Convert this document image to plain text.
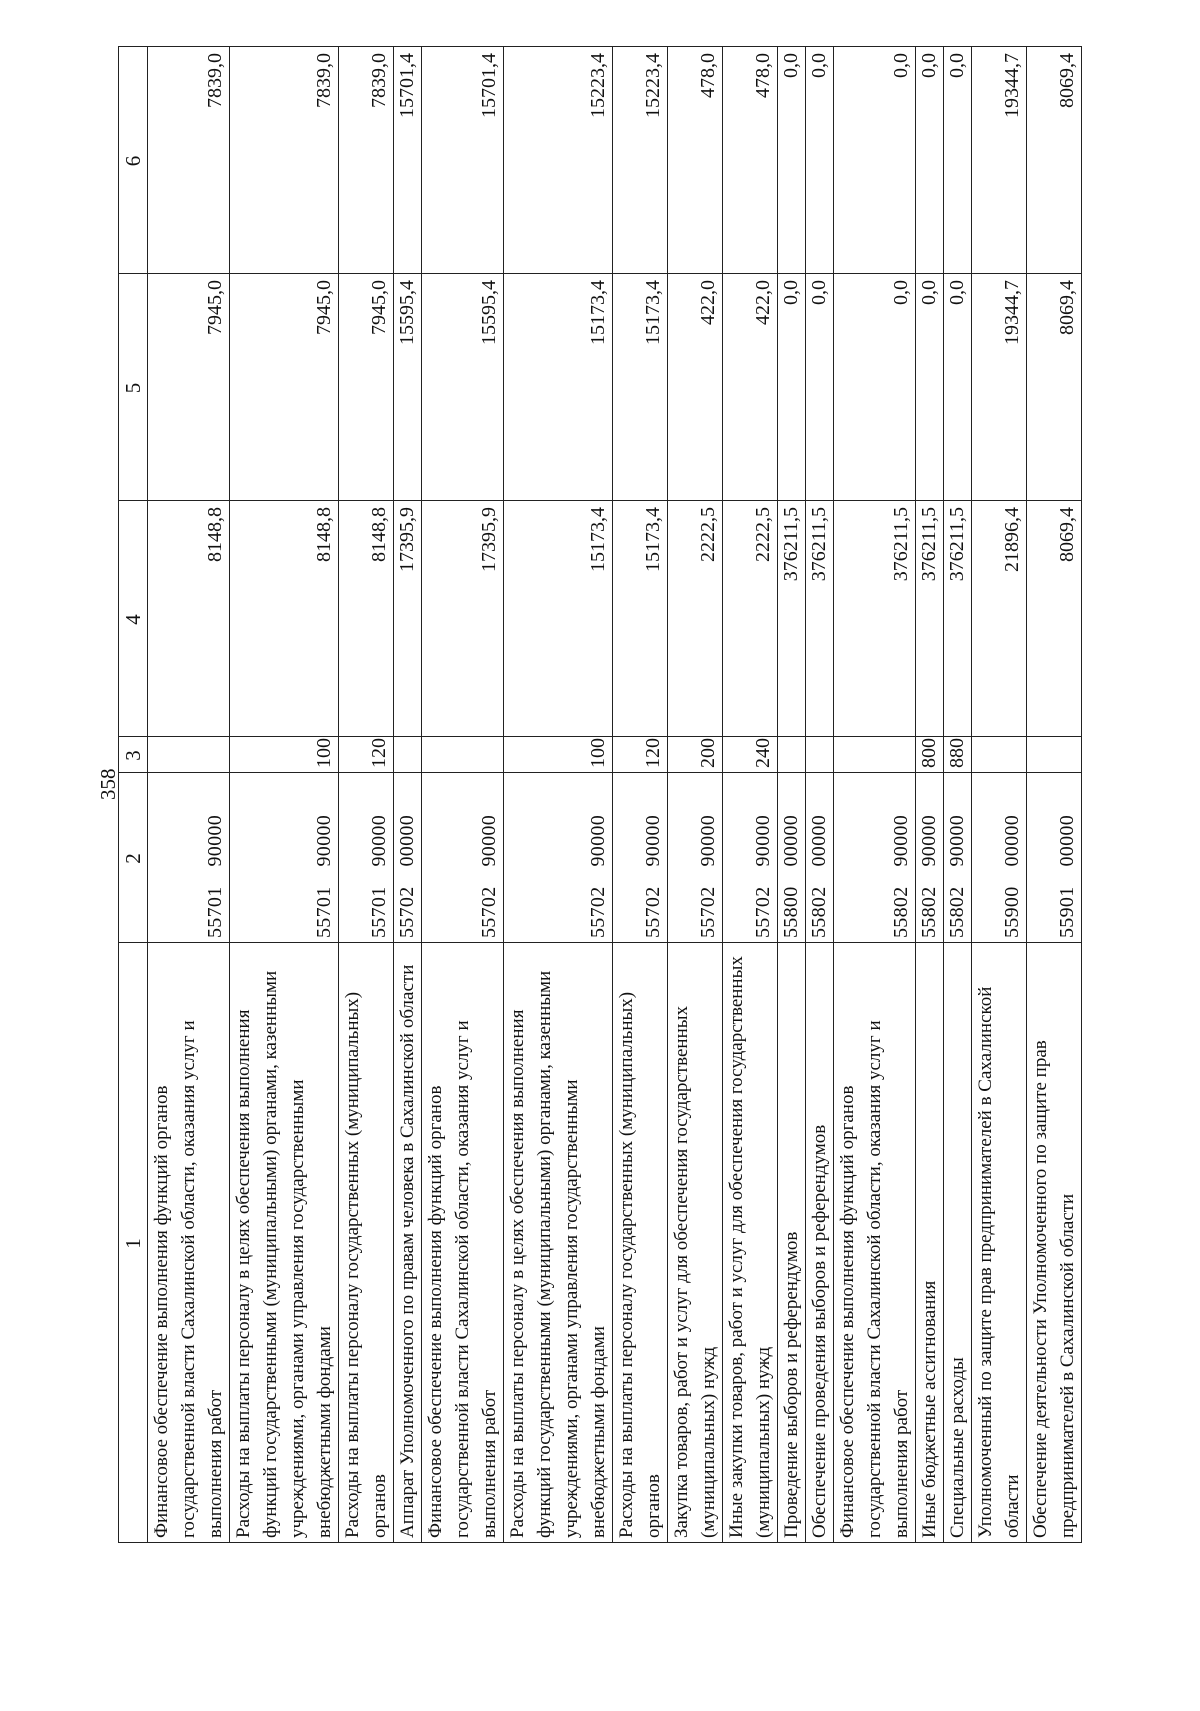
358
1	2	3	4	5	6
Финансовое обеспечение выполнения функций органов государственной власти Сахалинской области, оказания услуг и выполнения работ	5570190000		8148,8	7945,0	7839,0
Расходы на выплаты персоналу в целях обеспечения выполнения функций государственными (муниципальными) органами, казенными учреждениями, органами управления государственными внебюджетными фондами	5570190000	100	8148,8	7945,0	7839,0
Расходы на выплаты персоналу государственных (муниципальных) органов	5570190000	120	8148,8	7945,0	7839,0
Аппарат Уполномоченного по правам человека в Сахалинской области	5570200000		17395,9	15595,4	15701,4
Финансовое обеспечение выполнения функций органов государственной власти Сахалинской области, оказания услуг и выполнения работ	5570290000		17395,9	15595,4	15701,4
Расходы на выплаты персоналу в целях обеспечения выполнения функций государственными (муниципальными) органами, казенными учреждениями, органами управления государственными внебюджетными фондами	5570290000	100	15173,4	15173,4	15223,4
Расходы на выплаты персоналу государственных (муниципальных) органов	5570290000	120	15173,4	15173,4	15223,4
Закупка товаров, работ и услуг для обеспечения государственных (муниципальных) нужд	5570290000	200	2222,5	422,0	478,0
Иные закупки товаров, работ и услуг для обеспечения государственных (муниципальных) нужд	5570290000	240	2222,5	422,0	478,0
Проведение выборов и референдумов	5580000000		376211,5	0,0	0,0
Обеспечение проведения выборов и референдумов	5580200000		376211,5	0,0	0,0
Финансовое обеспечение выполнения функций органов государственной власти Сахалинской области, оказания услуг и выполнения работ	5580290000		376211,5	0,0	0,0
Иные бюджетные ассигнования	5580290000	800	376211,5	0,0	0,0
Специальные расходы	5580290000	880	376211,5	0,0	0,0
Уполномоченный по защите прав предпринимателей в Сахалинской области	5590000000		21896,4	19344,7	19344,7
Обеспечение деятельности Уполномоченного по защите прав предпринимателей в Сахалинской области	5590100000		8069,4	8069,4	8069,4
